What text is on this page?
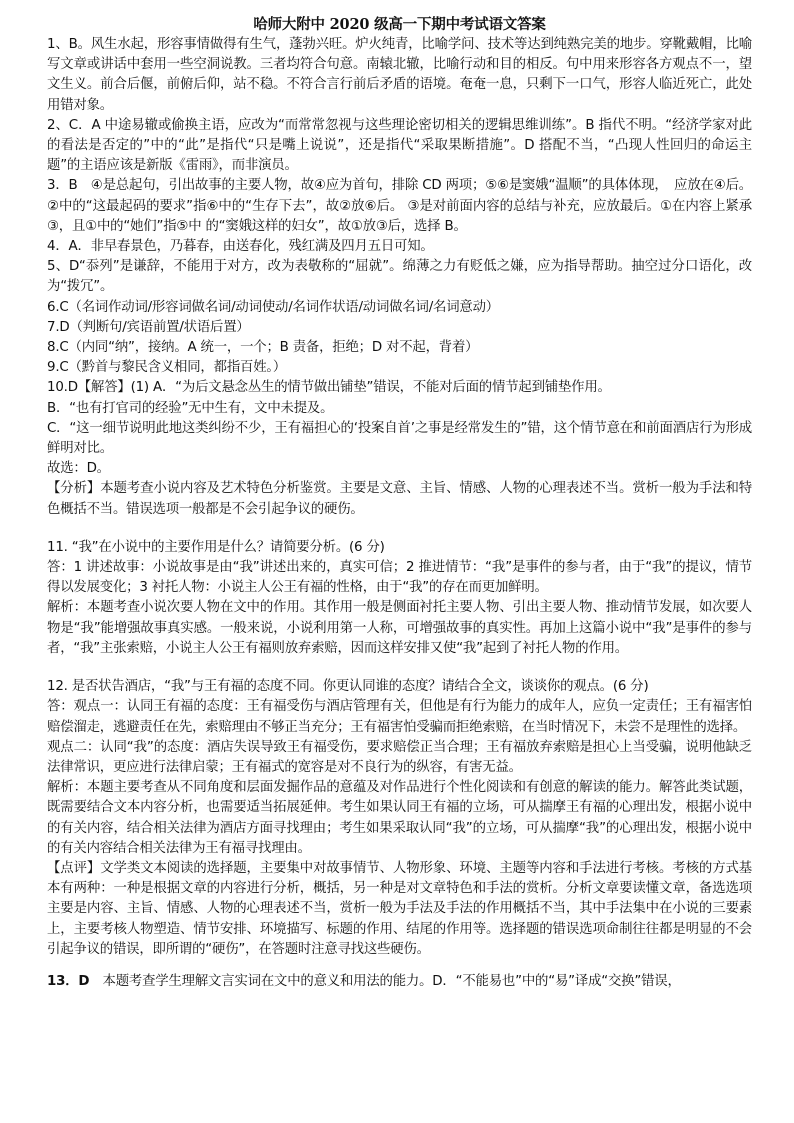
哈师大附中 2020 级高一下期中考试语文答案

1、B。风生水起，形容事情做得有生气，蓬勃兴旺。炉火纯青，比喻学问、技术等达到纯熟完美的地步。穿靴戴帽，比喻写文章或讲话中套用一些空洞说教。三者均符合句意。南辕北辙，比喻行动和目的相反。句中用来形容各方观点不一，望文生义。前合后偃，前俯后仰，站不稳。不符合言行前后矛盾的语境。奄奄一息，只剩下一口气，形容人临近死亡，此处用错对象。

2、C．A 中途易辙或偷换主语，应改为“而常常忽视与这些理论密切相关的逻辑思维训练”。B 指代不明。“经济学家对此的看法是否定的”中的“此”是指代“只是嘴上说说”，还是指代“采取果断措施”。D 搭配不当，“凸现人性回归的命运主题”的主语应该是新版《雷雨》，而非演员。

3．B　④是总起句，引出故事的主要人物，故④应为首句，排除 CD 两项；⑤⑥是窦娥“温顺”的具体体现，　应放在④后。②中的“这最起码的要求”指⑥中的“生存下去”，故②放⑥后。 ③是对前面内容的总结与补充，应放最后。①在内容上紧承③，且①中的“她们”指⑤中 的“窦娥这样的妇女”，故①放③后，选择 B。

4．A．非早春景色，乃暮春，由送春化，残红满及四月五日可知。

5、D“忝列”是谦辞，不能用于对方，改为表敬称的“屈就”。绵薄之力有贬低之嫌，应为指导帮助。抽空过分口语化，改为“拨冗”。

6.C（名词作动词/形容词做名词/动词使动/名词作状语/动词做名词/名词意动）

7.D（判断句/宾语前置/状语后置）

8.C（内同“纳”，接纳。A 统一，一个；B 责备，拒绝；D 对不起，背着）

9.C（黔首与黎民含义相同，都指百姓。）

10.D【解答】(1) A．“为后文悬念丛生的情节做出铺垫”错误，不能对后面的情节起到铺垫作用。

B．“也有打官司的经验”无中生有，文中未提及。

C．“这一细节说明此地这类纠纷不少，王有福担心的‘投案自首’之事是经常发生的”错，这个情节意在和前面酒店行为形成鲜明对比。

故选：D。

【分析】本题考查小说内容及艺术特色分析鉴赏。主要是文意、主旨、情感、人物的心理表述不当。赏析一般为手法和特色概括不当。错误选项一般都是不会引起争议的硬伤。

11. “我”在小说中的主要作用是什么？请简要分析。(6 分)

答：1 讲述故事：小说故事是由“我”讲述出来的，真实可信；2 推进情节：“我”是事件的参与者，由于“我”的提议，情节得以发展变化；3 衬托人物：小说主人公王有福的性格，由于“我”的存在而更加鲜明。

解析：本题考查小说次要人物在文中的作用。其作用一般是侧面衬托主要人物、引出主要人物、推动情节发展，如次要人物是“我”能增强故事真实感。一般来说，小说利用第一人称，可增强故事的真实性。再加上这篇小说中“我”是事件的参与者，“我”主张索赔，小说主人公王有福则放弃索赔，因而这样安排又使“我”起到了衬托人物的作用。

12. 是否状告酒店，“我”与王有福的态度不同。你更认同谁的态度？请结合全文，谈谈你的观点。(6 分)

答：观点一：认同王有福的态度：王有福受伤与酒店管理有关，但他是有行为能力的成年人，应负一定责任；王有福害怕赔偿溜走，逃避责任在先，索赔理由不够正当充分；王有福害怕受骗而拒绝索赔，在当时情况下，未尝不是理性的选择。

观点二：认同“我”的态度：酒店失误导致王有福受伤，要求赔偿正当合理；王有福放弃索赔是担心上当受骗，说明他缺乏法律常识，更应进行法律启蒙；王有福式的宽容是对不良行为的纵容，有害无益。

解析：本题主要考查从不同角度和层面发掘作品的意蕴及对作品进行个性化阅读和有创意的解读的能力。解答此类试题，既需要结合文本内容分析，也需要适当拓展延伸。考生如果认同王有福的立场，可从揣摩王有福的心理出发，根据小说中的有关内容，结合相关法律为酒店方面寻找理由；考生如果采取认同“我”的立场，可从揣摩“我”的心理出发，根据小说中的有关内容结合相关法律为王有福寻找理由。

【点评】文学类文本阅读的选择题，主要集中对故事情节、人物形象、环境、主题等内容和手法进行考核。考核的方式基本有两种：一种是根据文章的内容进行分析，概括，另一种是对文章特色和手法的赏析。分析文章要读懂文章，备选选项主要是内容、主旨、情感、人物的心理表述不当，赏析一般为手法及手法的作用概括不当，其中手法集中在小说的三要素上，主要考核人物塑造、情节安排、环境描写、标题的作用、结尾的作用等。选择题的错误选项命制往往都是明显的不会引起争议的错误，即所谓的“硬伤”，在答题时注意寻找这些硬伤。

13．D　本题考查学生理解文言实词在文中的意义和用法的能力。D．“不能易也”中的“易”译成“交换”错误，
